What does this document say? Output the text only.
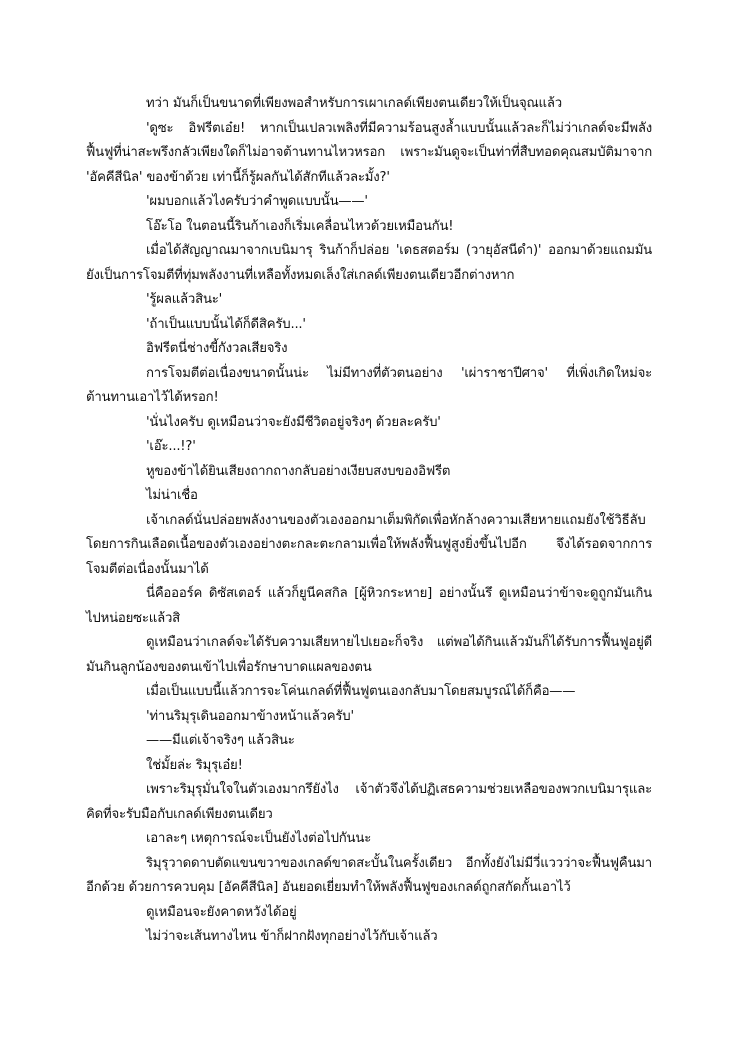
ทว่า มันก็เป็นขนาดที่เพียงพอสำหรับการเผาเกลด์เพียงตนเดียวให้เป็นจุณแล้ว

'ดูซะ อิฟรีตเอ๋ย! หากเป็นเปลวเพลิงที่มีความร้อนสูงล้ำแบบนั้นแล้วละก็ไม่ว่าเกลด์จะมีพลังฟื้นฟูที่น่าสะพรึงกลัวเพียงใดก็ไม่อาจต้านทานไหวหรอก เพราะมันดูจะเป็นท่าที่สืบทอดคุณสมบัติมาจาก 'อัคคีสีนิล' ของข้าด้วย เท่านี้ก็รู้ผลกันได้สักทีแล้วละมั้ง?'

'ผมบอกแล้วไงครับว่าคำพูดแบบนั้น——'

โอ๊ะโอ ในตอนนี้รินก้าเองก็เริ่มเคลื่อนไหวด้วยเหมือนกัน!

เมื่อได้สัญญาณมาจากเบนิมารุ รินก้าก็ปล่อย 'เดธสตอร์ม (วายุอัสนีดำ)' ออกมาด้วยแถมมันยังเป็นการโจมตีที่ทุ่มพลังงานที่เหลือทั้งหมดเล็งใส่เกลด์เพียงตนเดียวอีกต่างหาก

'รู้ผลแล้วสินะ'

'ถ้าเป็นแบบนั้นได้ก็ดีสิครับ...'

อิฟรีตนี่ช่างขี้กังวลเสียจริง

การโจมตีต่อเนื่องขนาดนั้นน่ะ ไม่มีทางที่ตัวตนอย่าง 'เผ่าราชาปีศาจ' ที่เพิ่งเกิดใหม่จะต้านทานเอาไว้ได้หรอก!

'นั่นไงครับ ดูเหมือนว่าจะยังมีชีวิตอยู่จริงๆ ด้วยละครับ'

'เอ๊ะ...!?'

หูของข้าได้ยินเสียงถากถางกลับอย่างเงียบสงบของอิฟรีต

ไม่น่าเชื่อ

เจ้าเกลด์นั่นปล่อยพลังงานของตัวเองออกมาเต็มพิกัดเพื่อหักล้างความเสียหายแถมยังใช้วิธีลับโดยการกินเลือดเนื้อของตัวเองอย่างตะกละตะกลามเพื่อให้พลังฟื้นฟูสูงยิ่งขึ้นไปอีก จึงได้รอดจากการโจมตีต่อเนื่องนั้นมาได้

นี่คือออร์ค ดิซัสเตอร์ แล้วก็ยูนีคสกิล [ผู้หิวกระหาย] อย่างนั้นรึ ดูเหมือนว่าข้าจะดูถูกมันเกินไปหน่อยซะแล้วสิ

ดูเหมือนว่าเกลด์จะได้รับความเสียหายไปเยอะก็จริง แต่พอได้กินแล้วมันก็ได้รับการฟื้นฟูอยู่ดี มันกินลูกน้องของตนเข้าไปเพื่อรักษาบาดแผลของตน

เมื่อเป็นแบบนี้แล้วการจะโค่นเกลด์ที่ฟื้นฟูตนเองกลับมาโดยสมบูรณ์ได้ก็คือ——

'ท่านริมุรุเดินออกมาข้างหน้าแล้วครับ'

——มีแต่เจ้าจริงๆ แล้วสินะ

ใช่มั้ยล่ะ ริมุรุเอ๋ย!

เพราะริมุรุมั่นใจในตัวเองมากรึยังไง เจ้าตัวจึงได้ปฏิเสธความช่วยเหลือของพวกเบนิมารุและคิดที่จะรับมือกับเกลด์เพียงตนเดียว

เอาละๆ เหตุการณ์จะเป็นยังไงต่อไปกันนะ

ริมุรุวาดดาบตัดแขนขวาของเกลด์ขาดสะบั้นในครั้งเดียว อีกทั้งยังไม่มีวี่แววว่าจะฟื้นฟูคืนมาอีกด้วย ด้วยการควบคุม [อัคคีสีนิล] อันยอดเยี่ยมทำให้พลังฟื้นฟูของเกลด์ถูกสกัดกั้นเอาไว้

ดูเหมือนจะยังคาดหวังได้อยู่

ไม่ว่าจะเส้นทางไหน ข้าก็ฝากฝังทุกอย่างไว้กับเจ้าแล้ว
